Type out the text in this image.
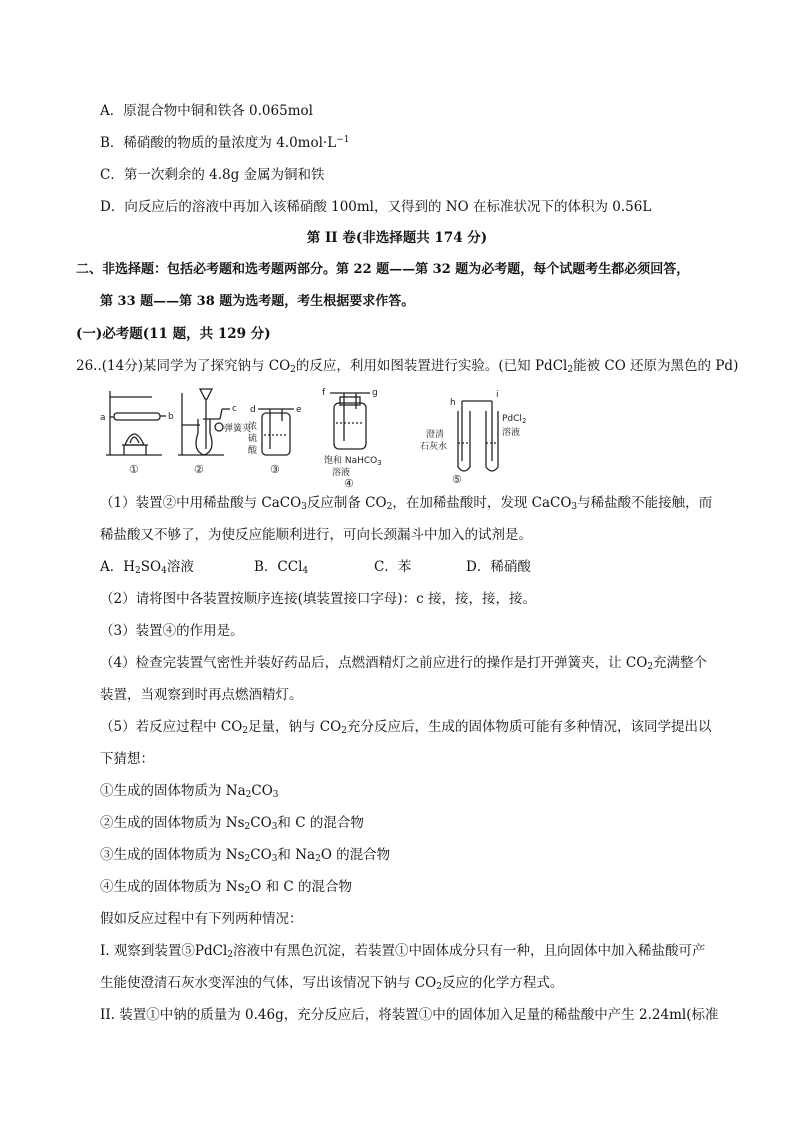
A．原混合物中铜和铁各 0.065mol
B．稀硝酸的物质的量浓度为 $4.0mol\cdot L^{-1}$
C．第一次剩余的 4.8g 金属为铜和铁
D．向反应后的溶液中再加入该稀硝酸 100ml，又得到的 NO 在标准状况下的体积为 0.56L
第 II 卷(非选择题共 174 分)
二、非选择题：包括必考题和选考题两部分。第 22 题——第 32 题为必考题，每个试题考生都必须回答，
第 33 题——第 38 题为选考题，考生根据要求作答。
(一)必考题(11 题，共 129 分)
26..(14分)某同学为了探究钠与 $CO_2$的反应，利用如图装置进行实验。(已知 PdCl$_2$能被 CO 还原为黑色的 Pd)
a	b
c d	e
f	g
h
i
弹簧夹
浓
硫
酸
饱和 NaHCO$_3$
溶液
澄清
石灰水
PdCl$_2$
溶液
①	②	③
④	⑤
（1）装置②中用稀盐酸与 CaCO$_3$反应制备 $CO_2$，在加稀盐酸时，发现 CaCO$_3$与稀盐酸不能接触，而
稀盐酸又不够了，为使反应能顺利进行，可向长颈漏斗中加入的试剂是。
A．$H_2SO_4$溶液	B．CCl$_4$	C．苯	D．稀硝酸
（2）请将图中各装置按顺序连接(填装置接口字母)：c 接，接，接，接。
（3）装置④的作用是。
（4）检查完装置气密性并装好药品后，点燃酒精灯之前应进行的操作是打开弹簧夹，让 $CO_2$充满整个
装置，当观察到时再点燃酒精灯。
（5）若反应过程中 $CO_2$足量，钠与 $CO_2$充分反应后，生成的固体物质可能有多种情况，该同学提出以
下猜想：
①生成的固体物质为 $Na_2CO_3$
②生成的固体物质为 $Ns_2CO_3$和 C 的混合物
③生成的固体物质为 $Ns_2CO_3$和 $Na_2O$ 的混合物
④生成的固体物质为 $Ns_2O$ 和 C 的混合物
假如反应过程中有下列两种情况：
I. 观察到装置⑤PdCl$_2$溶液中有黑色沉淀，若装置①中固体成分只有一种，且向固体中加入稀盐酸可产
生能使澄清石灰水变浑浊的气体，写出该情况下钠与 $CO_2$反应的化学方程式。
II. 装置①中钠的质量为 0.46g，充分反应后，将装置①中的固体加入足量的稀盐酸中产生 2.24ml(标准
